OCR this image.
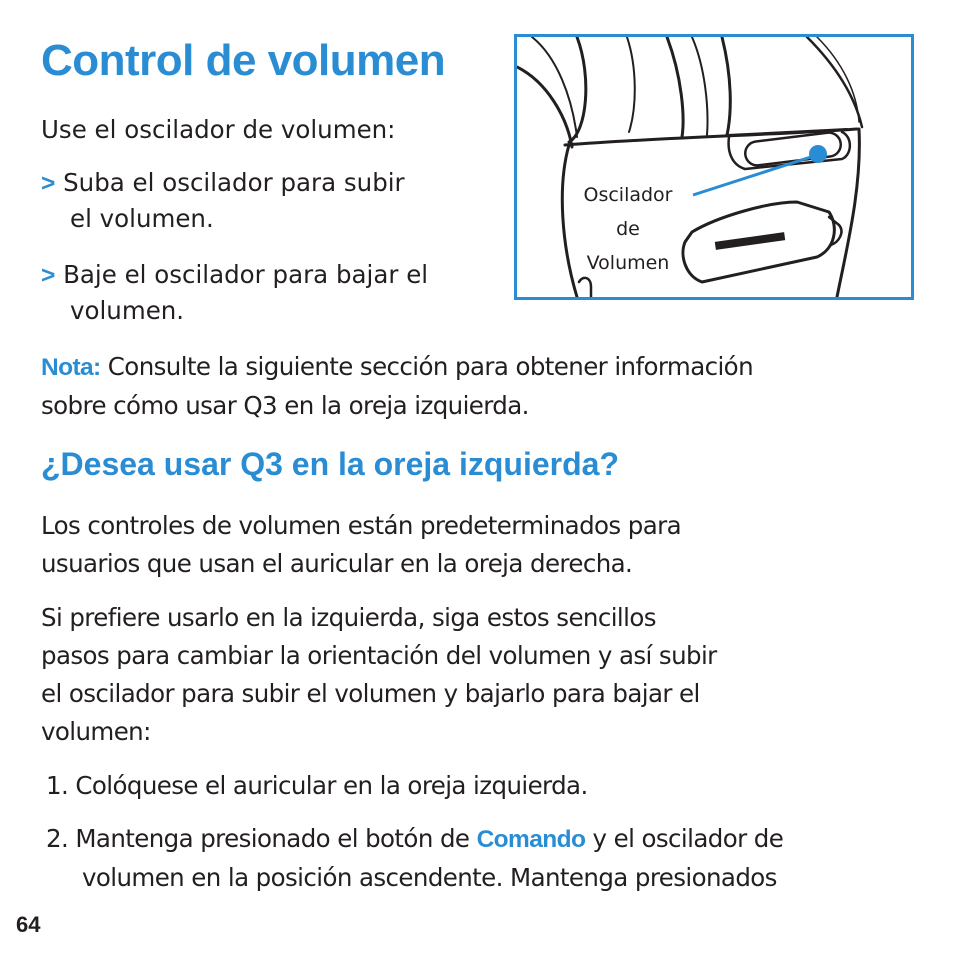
Control de volumen

Use el oscilador de volumen:

> Suba el oscilador para subir

el volumen.

> Baje el oscilador para bajar el

volumen.

Oscilador
de
Volumen
Nota: Consulte la siguiente sección para obtener información

sobre cómo usar Q3 en la oreja izquierda.

¿Desea usar Q3 en la oreja izquierda?

Los controles de volumen están predeterminados para

usuarios que usan el auricular en la oreja derecha.

Si prefiere usarlo en la izquierda, siga estos sencillos

pasos para cambiar la orientación del volumen y así subir

el oscilador para subir el volumen y bajarlo para bajar el

volumen:

1. Colóquese el auricular en la oreja izquierda.
2. Mantenga presionado el botón de Comando y el oscilador de

volumen en la posición ascendente. Mantenga presionados

64
